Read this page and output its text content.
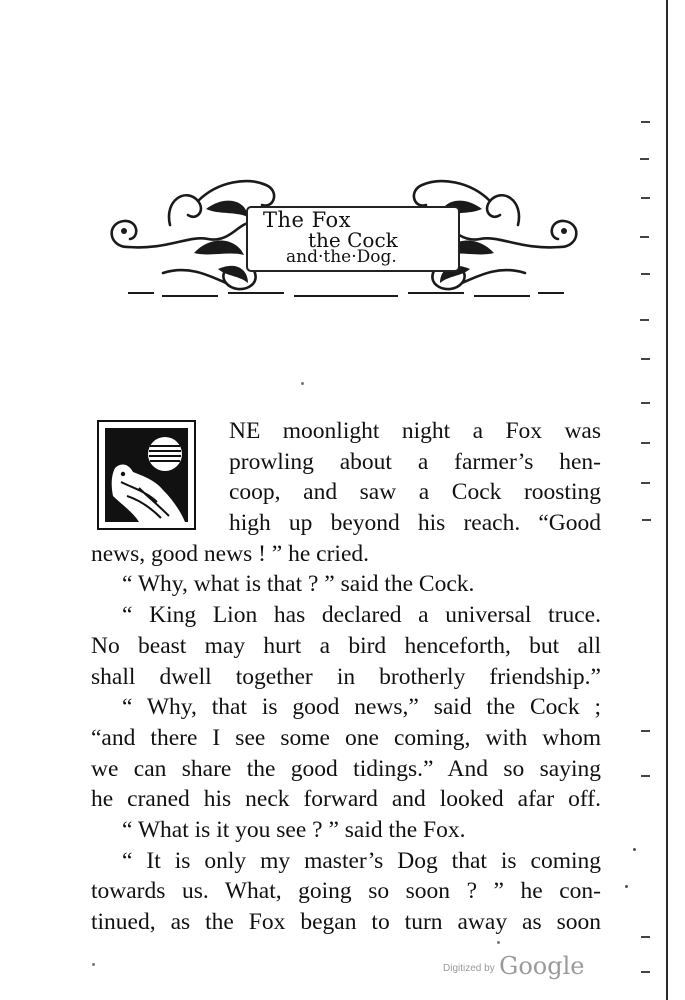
The Fox
the Cock
and·the·Dog.
O
NE moonlight night a Fox was
prowling about a farmer’s hen-
coop, and saw a Cock roosting
high up beyond his reach. “Good
news, good news ! ” he cried.
“ Why, what is that ? ” said the Cock.
“ King Lion has declared a universal truce.
No beast may hurt a bird henceforth, but all
shall dwell together in brotherly friendship.”
“ Why, that is good news,” said the Cock ;
“and there I see some one coming, with whom
we can share the good tidings.” And so saying
he craned his neck forward and looked afar off.
“ What is it you see ? ” said the Fox.
“ It is only my master’s Dog that is coming
towards us. What, going so soon ? ” he con-
tinued, as the Fox began to turn away as soon
Digitized by Google
